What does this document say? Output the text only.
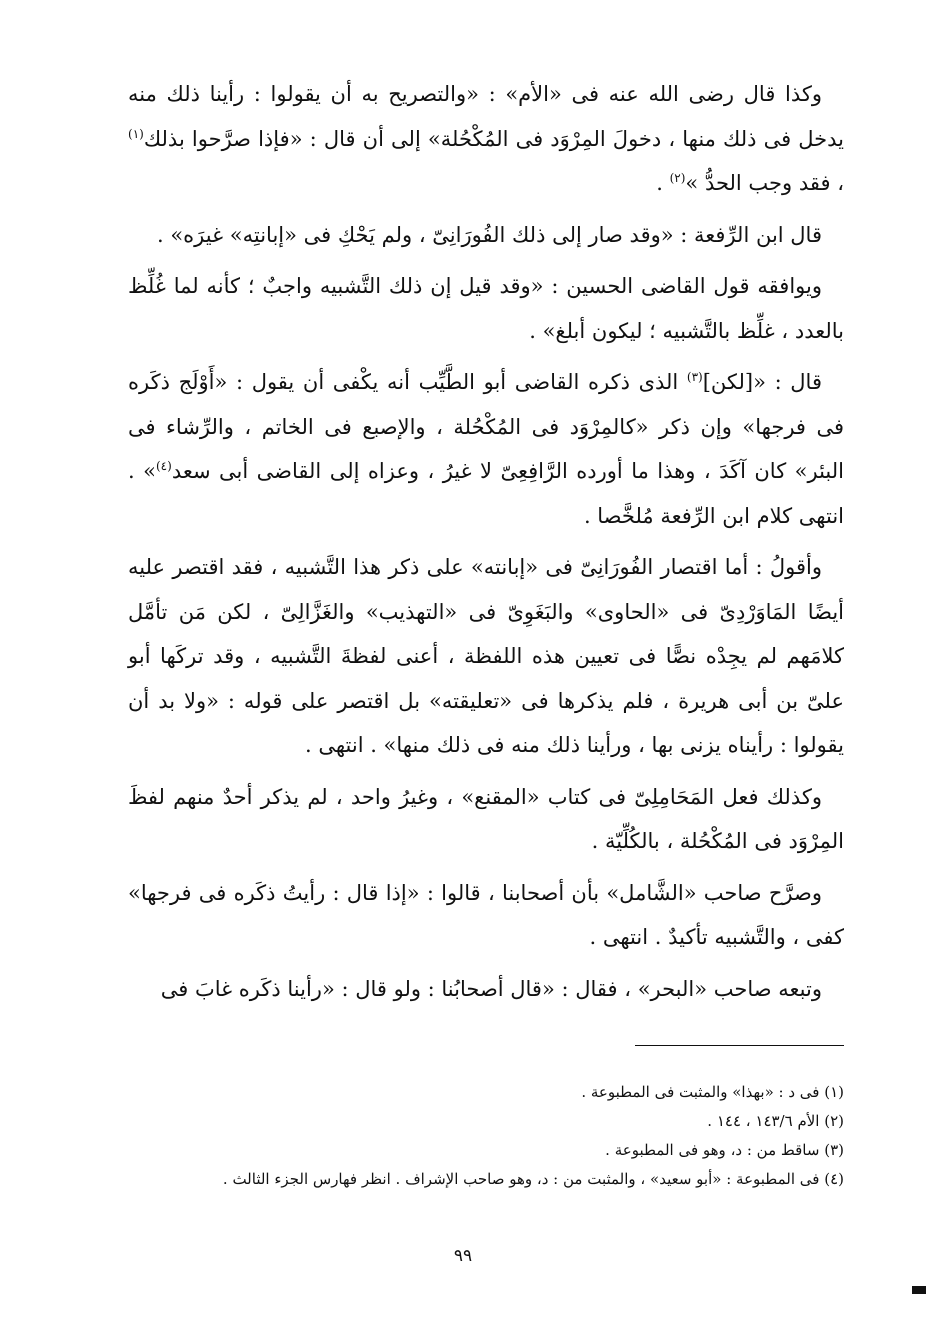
وكذا قال رضى الله عنه فى «الأم» : «والتصريح به أن يقولوا : رأينا ذلك منه يدخل فى ذلك منها ، دخولَ المِرْوَد فى المُكْحُلة» إلى أن قال : «فإذا صرَّحوا بذلك$^{(١)}$ ، فقد وجب الحدُّ »$^{(٢)}$ .

قال ابن الرِّفعة : «وقد صار إلى ذلك الفُورَانِىّ ، ولم يَحْكِ فى «إبانتِه» غيرَه» .

ويوافقه قول القاضى الحسين : «وقد قيل إن ذلك التَّشبيه واجبٌ ؛ كأنه لما غُلِّظ بالعدد ، غلِّظ بالتَّشبيه ؛ ليكون أبلغ» .

قال : «[لكن]$^{(٣)}$ الذى ذكره القاضى أبو الطَّيِّب أنه يكْفى أن يقول : «أَوْلَج ذكَره فى فرجها» وإن ذكر «كالمِرْوَد فى المُكْحُلة ، والإصبع فى الخاتم ، والرِّشاء فى البئر» كان آكَدَ ، وهذا ما أورده الرَّافِعِىّ لا غيرُ ، وعزاه إلى القاضى أبى سعد$^{(٤)}$» . انتهى كلام ابن الرِّفعة مُلخَّصا .

وأقولُ : أما اقتصار الفُورَانِىّ فى «إبانته» على ذكر هذا التَّشبيه ، فقد اقتصر عليه أيضًا المَاوَرْدِىّ فى «الحاوى» والبَغَوِىّ فى «التهذيب» والغَزَّالِىّ ، لكن مَن تأمَّل كلامَهم لم يجِدْه نصًّا فى تعيين هذه اللفظة ، أعنى لفظةَ التَّشبيه ، وقد تركَها أبو علىّ بن أبى هريرة ، فلم يذكرها فى «تعليقته» بل اقتصر على قوله : «ولا بد أن يقولوا : رأيناه يزنى بها ، ورأينا ذلك منه فى ذلك منها» . انتهى .

وكذلك فعل المَحَامِلِىّ فى كتاب «المقنع» ، وغيرُ واحد ، لم يذكر أحدٌ منهم لفظَ المِرْوَد فى المُكْحُلة ، بالكُلِّيّة .

وصرَّح صاحب «الشَّامل» بأن أصحابنا ، قالوا : «إذا قال : رأيتُ ذكَره فى فرجها» كفى ، والتَّشبيه تأكيدٌ . انتهى .

وتبعه صاحب «البحر» ، فقال : «قال أصحابُنا : ولو قال : «رأينا ذكَره غابَ فى

(١) فى د : «بهذا» والمثبت فى المطبوعة .

(٢) الأم ١٤٣/٦ ، ١٤٤ .

(٣) ساقط من : د، وهو فى المطبوعة .

(٤) فى المطبوعة : «أبو سعيد» ، والمثبت من : د، وهو صاحب الإشراف . انظر فهارس الجزء الثالث .

٩٩
